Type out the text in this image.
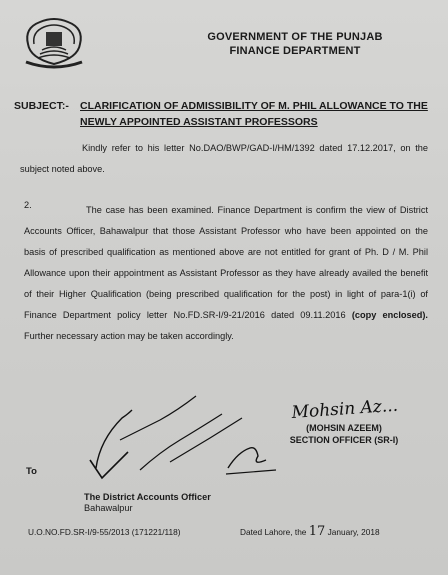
GOVERNMENT OF THE PUNJAB
FINANCE DEPARTMENT
SUBJECT:- CLARIFICATION OF ADMISSIBILITY OF M. PHIL ALLOWANCE TO THE NEWLY APPOINTED ASSISTANT PROFESSORS
Kindly refer to his letter No.DAO/BWP/GAD-I/HM/1392 dated 17.12.2017, on the subject noted above.
2.	The case has been examined. Finance Department is confirm the view of District Accounts Officer, Bahawalpur that those Assistant Professor who have been appointed on the basis of prescribed qualification as mentioned above are not entitled for grant of Ph. D / M. Phil Allowance upon their appointment as Assistant Professor as they have already availed the benefit of their Higher Qualification (being prescribed qualification for the post) in light of para-1(i) of Finance Department policy letter No.FD.SR-I/9-21/2016 dated 09.11.2016 (copy enclosed). Further necessary action may be taken accordingly.
(MOHSIN AZEEM)
SECTION OFFICER (SR-I)
To
The District Accounts Officer
Bahawalpur
U.O.NO.FD.SR-I/9-55/2013 (171221/118)	Dated Lahore, the 17 January, 2018
Mohsin Az...
